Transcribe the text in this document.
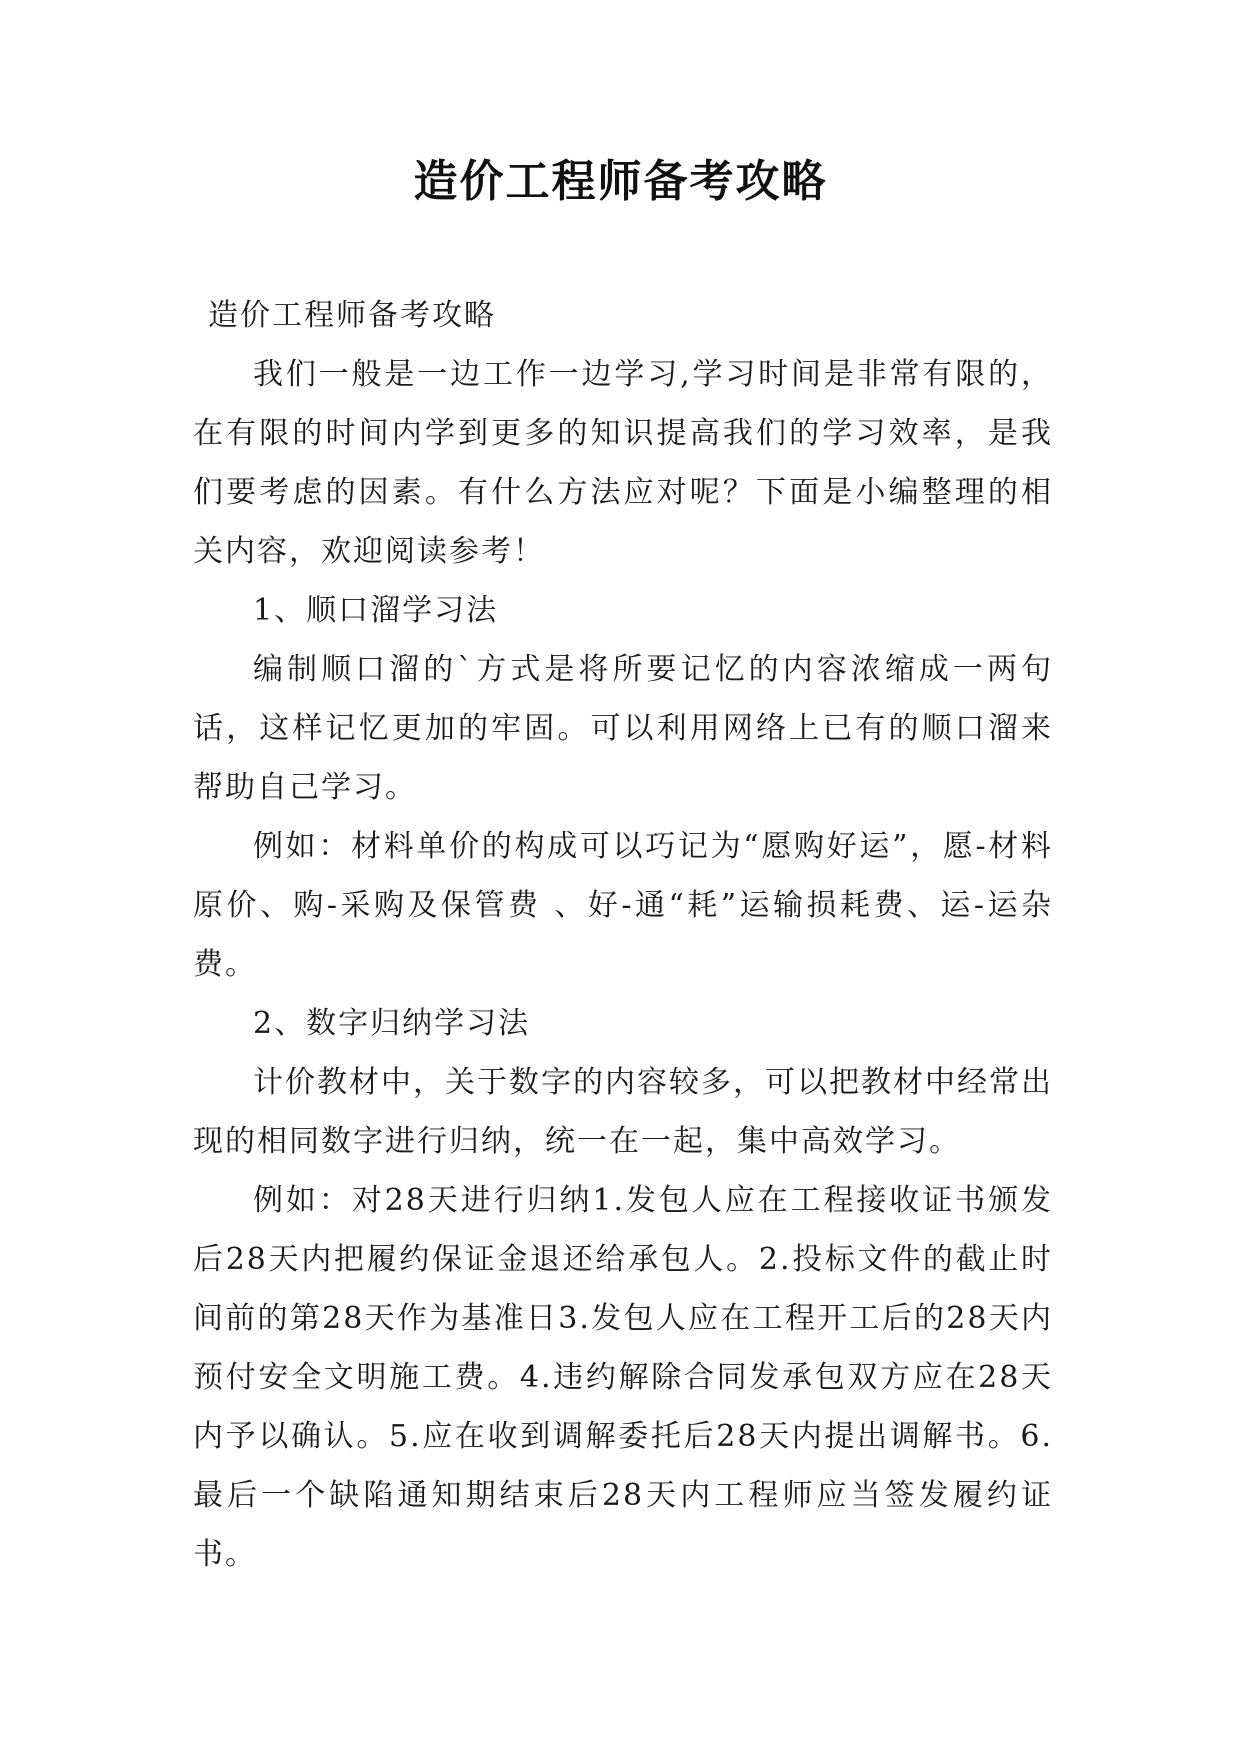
造价工程师备考攻略

造价工程师备考攻略

我们一般是一边工作一边学习,学习时间是非常有限的，在有限的时间内学到更多的知识提高我们的学习效率，是我们要考虑的因素。有什么方法应对呢？下面是小编整理的相关内容，欢迎阅读参考！

1、顺口溜学习法

编制顺口溜的`方式是将所要记忆的内容浓缩成一两句话，这样记忆更加的牢固。可以利用网络上已有的顺口溜来帮助自己学习。

例如：材料单价的构成可以巧记为“愿购好运”，愿-材料原价、购-采购及保管费 、好-通“耗”运输损耗费、运-运杂费。

2、数字归纳学习法

计价教材中，关于数字的内容较多，可以把教材中经常出现的相同数字进行归纳，统一在一起，集中高效学习。

例如：对28天进行归纳1.发包人应在工程接收证书颁发后28天内把履约保证金退还给承包人。2.投标文件的截止时间前的第28天作为基准日3.发包人应在工程开工后的28天内预付安全文明施工费。4.违约解除合同发承包双方应在28天内予以确认。5.应在收到调解委托后28天内提出调解书。6.最后一个缺陷通知期结束后28天内工程师应当签发履约证书。
